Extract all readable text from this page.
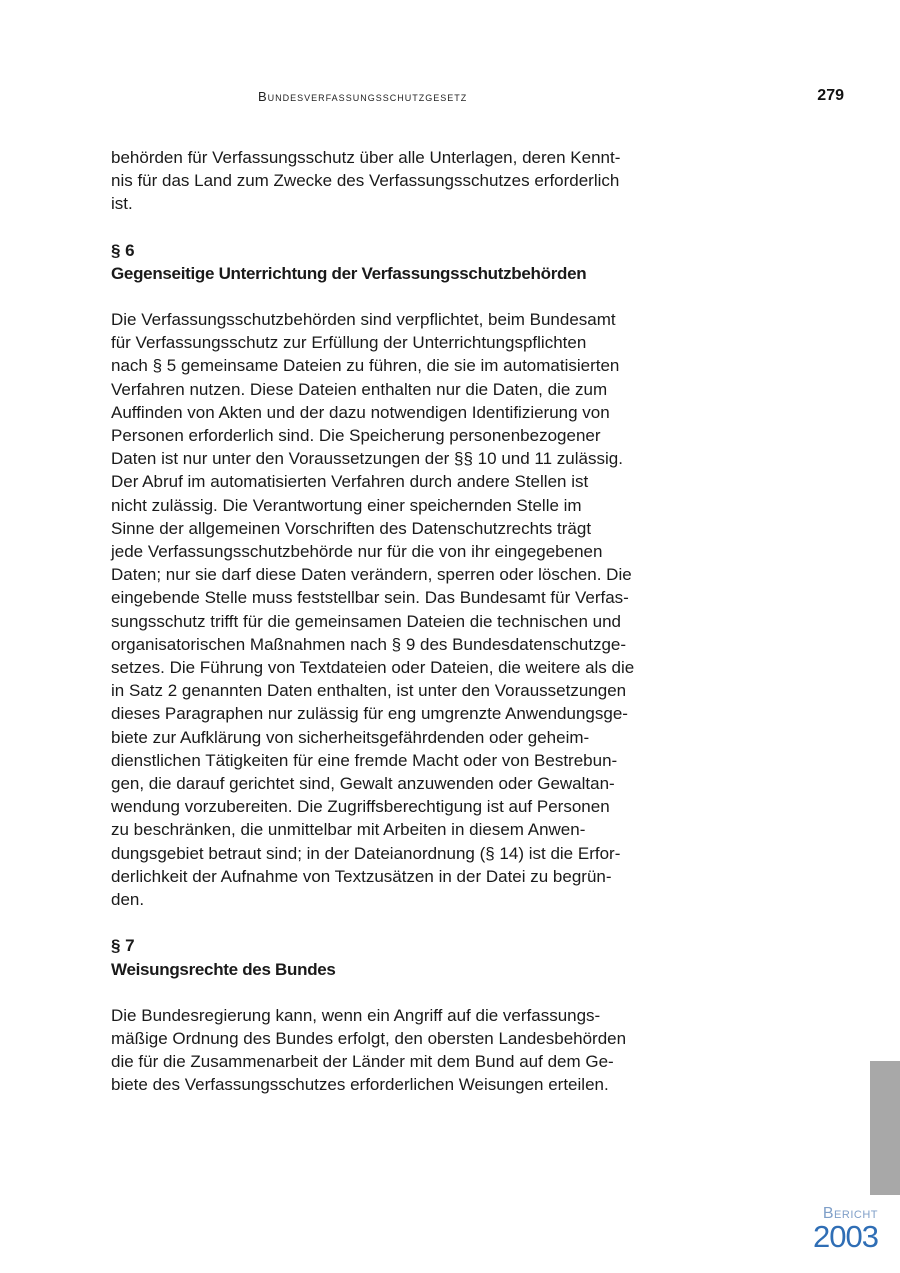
Bundesverfassungsschutzgesetz	279

behörden für Verfassungsschutz über alle Unterlagen, deren Kennt-
nis für das Land zum Zwecke des Verfassungsschutzes erforderlich
ist.

§ 6

Gegenseitige Unterrichtung der Verfassungsschutzbehörden

Die Verfassungsschutzbehörden sind verpflichtet, beim Bundesamt
für Verfassungsschutz zur Erfüllung der Unterrichtungspflichten
nach § 5 gemeinsame Dateien zu führen, die sie im automatisierten
Verfahren nutzen. Diese Dateien enthalten nur die Daten, die zum
Auffinden von Akten und der dazu notwendigen Identifizierung von
Personen erforderlich sind. Die Speicherung personenbezogener
Daten ist nur unter den Voraussetzungen der §§ 10 und 11 zulässig.
Der Abruf im automatisierten Verfahren durch andere Stellen ist
nicht zulässig. Die Verantwortung einer speichernden Stelle im
Sinne der allgemeinen Vorschriften des Datenschutzrechts trägt
jede Verfassungsschutzbehörde nur für die von ihr eingegebenen
Daten; nur sie darf diese Daten verändern, sperren oder löschen. Die
eingebende Stelle muss feststellbar sein. Das Bundesamt für Verfas-
sungsschutz trifft für die gemeinsamen Dateien die technischen und
organisatorischen Maßnahmen nach § 9 des Bundesdatenschutzge-
setzes. Die Führung von Textdateien oder Dateien, die weitere als die
in Satz 2 genannten Daten enthalten, ist unter den Voraussetzungen
dieses Paragraphen nur zulässig für eng umgrenzte Anwendungsge-
biete zur Aufklärung von sicherheitsgefährdenden oder geheim-
dienstlichen Tätigkeiten für eine fremde Macht oder von Bestrebun-
gen, die darauf gerichtet sind, Gewalt anzuwenden oder Gewaltan-
wendung vorzubereiten. Die Zugriffsberechtigung ist auf Personen
zu beschränken, die unmittelbar mit Arbeiten in diesem Anwen-
dungsgebiet betraut sind; in der Dateianordnung (§ 14) ist die Erfor-
derlichkeit der Aufnahme von Textzusätzen in der Datei zu begrün-
den.

§ 7

Weisungsrechte des Bundes

Die Bundesregierung kann, wenn ein Angriff auf die verfassungs-
mäßige Ordnung des Bundes erfolgt, den obersten Landesbehörden
die für die Zusammenarbeit der Länder mit dem Bund auf dem Ge-
biete des Verfassungsschutzes erforderlichen Weisungen erteilen.

Bericht
2003
